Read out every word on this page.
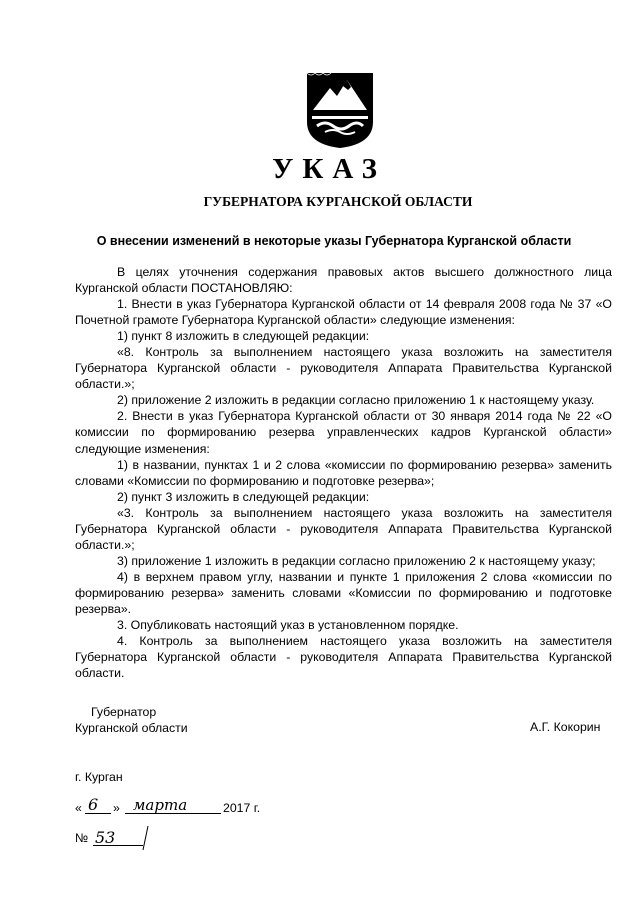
УКАЗ
ГУБЕРНАТОРА КУРГАНСКОЙ ОБЛАСТИ
О внесении изменений в некоторые указы Губернатора Курганской области

В целях уточнения содержания правовых актов высшего должностного лица Курганской области ПОСТАНОВЛЯЮ:

1. Внести в указ Губернатора Курганской области от 14 февраля 2008 года № 37 «О Почетной грамоте Губернатора Курганской области» следующие изменения:

1) пункт 8 изложить в следующей редакции:

«8. Контроль за выполнением настоящего указа возложить на заместителя Губернатора Курганской области - руководителя Аппарата Правительства Курганской области.»;

2) приложение 2 изложить в редакции согласно приложению 1 к настоящему указу.

2. Внести в указ Губернатора Курганской области от 30 января 2014 года № 22 «О комиссии по формированию резерва управленческих кадров Курганской области» следующие изменения:

1) в названии, пунктах 1 и 2 слова «комиссии по формированию резерва» заменить словами «Комиссии по формированию и подготовке резерва»;

2) пункт 3 изложить в следующей редакции:

«3. Контроль за выполнением настоящего указа возложить на заместителя Губернатора Курганской области - руководителя Аппарата Правительства Курганской области.»;

3) приложение 1 изложить в редакции согласно приложению 2 к настоящему указу;

4) в верхнем правом углу, названии и пункте 1 приложения 2 слова «комиссии по формированию резерва» заменить словами «Комиссии по формированию и подготовке резерва».

3. Опубликовать настоящий указ в установленном порядке.

4. Контроль за выполнением настоящего указа возложить на заместителя Губернатора Курганской области - руководителя Аппарата Правительства Курганской области.

Губернатор
Курганской области	А.Г. Кокорин
г. Курган
« 6 » марта	2017 г.
№ 53
